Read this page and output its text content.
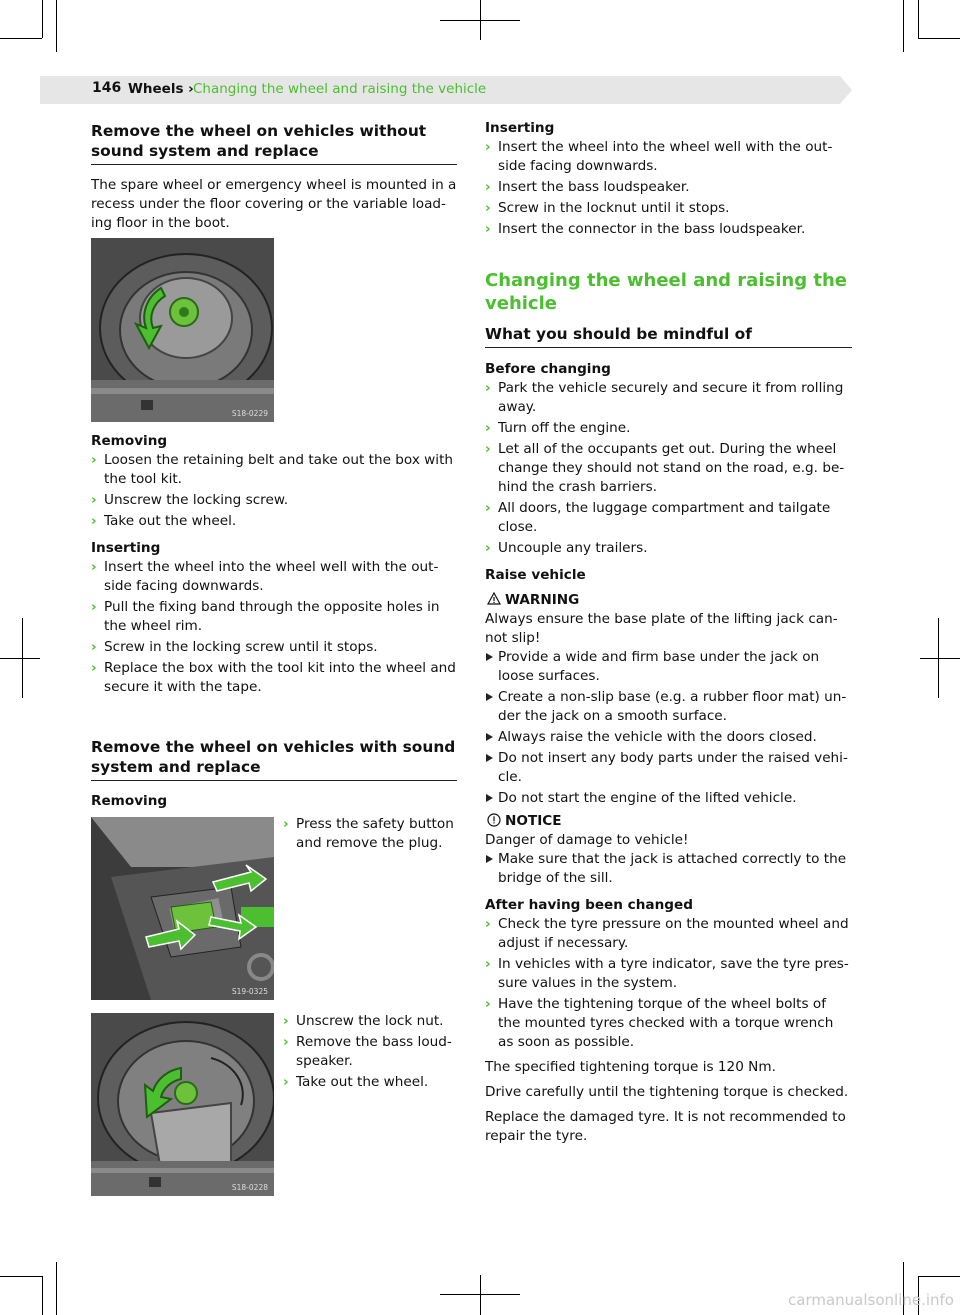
146 Wheels › Changing the wheel and raising the vehicle
Remove the wheel on vehicles without sound system and replace

The spare wheel or emergency wheel is mounted in a recess under the floor covering or the variable load-ing floor in the boot.

S18-0229

Removing

› Loosen the retaining belt and take out the box with the tool kit.
› Unscrew the locking screw.
› Take out the wheel.

Inserting

› Insert the wheel into the wheel well with the out-side facing downwards.
› Pull the fixing band through the opposite holes in the wheel rim.
› Screw in the locking screw until it stops.
› Replace the box with the tool kit into the wheel and secure it with the tape.
Remove the wheel on vehicles with sound system and replace

Removing

S19-0325
› Press the safety button and remove the plug.
S18-0228
› Unscrew the lock nut.
› Remove the bass loud-speaker.
› Take out the wheel.

Inserting

› Insert the wheel into the wheel well with the out-side facing downwards.
› Insert the bass loudspeaker.
› Screw in the locknut until it stops.
› Insert the connector in the bass loudspeaker.
Changing the wheel and raising the vehicle
What you should be mindful of

Before changing

› Park the vehicle securely and secure it from rolling away.
› Turn off the engine.
› Let all of the occupants get out. During the wheel change they should not stand on the road, e.g. be-hind the crash barriers.
› All doors, the luggage compartment and tailgate close.
› Uncouple any trailers.

Raise vehicle

WARNING

Always ensure the base plate of the lifting jack can-not slip!

Provide a wide and firm base under the jack on loose surfaces.
Create a non-slip base (e.g. a rubber floor mat) un-der the jack on a smooth surface.
Always raise the vehicle with the doors closed.
Do not insert any body parts under the raised vehi-cle.
Do not start the engine of the lifted vehicle.
NOTICE

Danger of damage to vehicle!

Make sure that the jack is attached correctly to the bridge of the sill.

After having been changed

› Check the tyre pressure on the mounted wheel and adjust if necessary.
› In vehicles with a tyre indicator, save the tyre pres-sure values in the system.
› Have the tightening torque of the wheel bolts of the mounted tyres checked with a torque wrench as soon as possible.

The specified tightening torque is 120 Nm.

Drive carefully until the tightening torque is checked.

Replace the damaged tyre. It is not recommended to repair the tyre.

carmanualsonline.info
